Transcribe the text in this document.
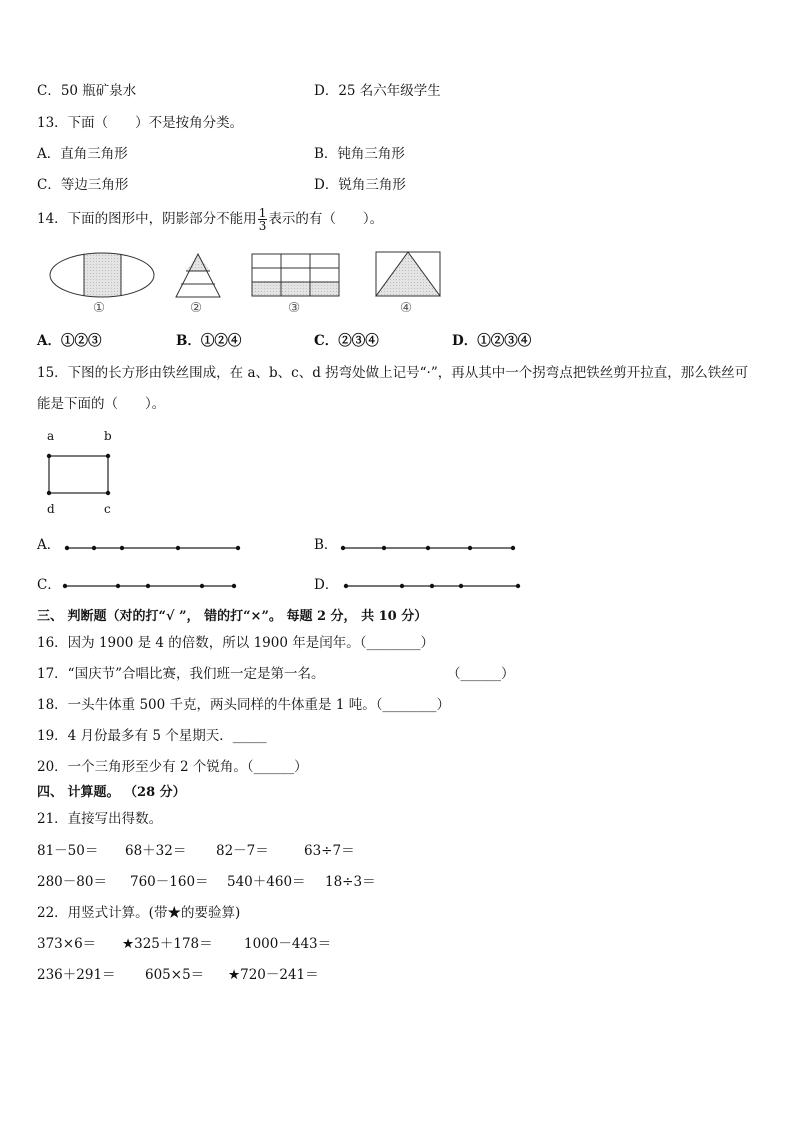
C．50 瓶矿泉水	D．25 名六年级学生
13．下面（　　）不是按角分类。
A．直角三角形	B．钝角三角形
C．等边三角形	D．锐角三角形
14．下面的图形中，阴影部分不能用 $\frac{1}{3}$ 表示的有（　　）。
①	②	③	④
A．①②③	B．①②④	C．②③④	D．①②③④
15．下图的长方形由铁丝围成，在 a、b、c、d 拐弯处做上记号“·”，再从其中一个拐弯点把铁丝剪开拉直，那么铁丝可
能是下面的（　　）。
a	b
d	c
A．	B．
C．	D．
三、 判断题（对的打“√ ”， 错的打“×”。 每题 2 分， 共 10 分）
16．因为 1900 是 4 的倍数，所以 1900 年是闰年。（________）
17．“国庆节”合唱比赛，我们班一定是第一名。	（______）
18．一头牛体重 500 千克，两头同样的牛体重是 1 吨。（________）
19．4 月份最多有 5 个星期天．_____
20．一个三角形至少有 2 个锐角。（______）
四、 计算题。 （28 分）
21．直接写出得数。
81－50＝ 68＋32＝ 82－7＝	63÷7＝
280－80＝ 760－160＝ 540＋460＝ 18÷3＝
22．用竖式计算。(带★的要验算)
373×6＝ ★325＋178＝ 1000－443＝
236＋291＝ 605×5＝ ★720－241＝
